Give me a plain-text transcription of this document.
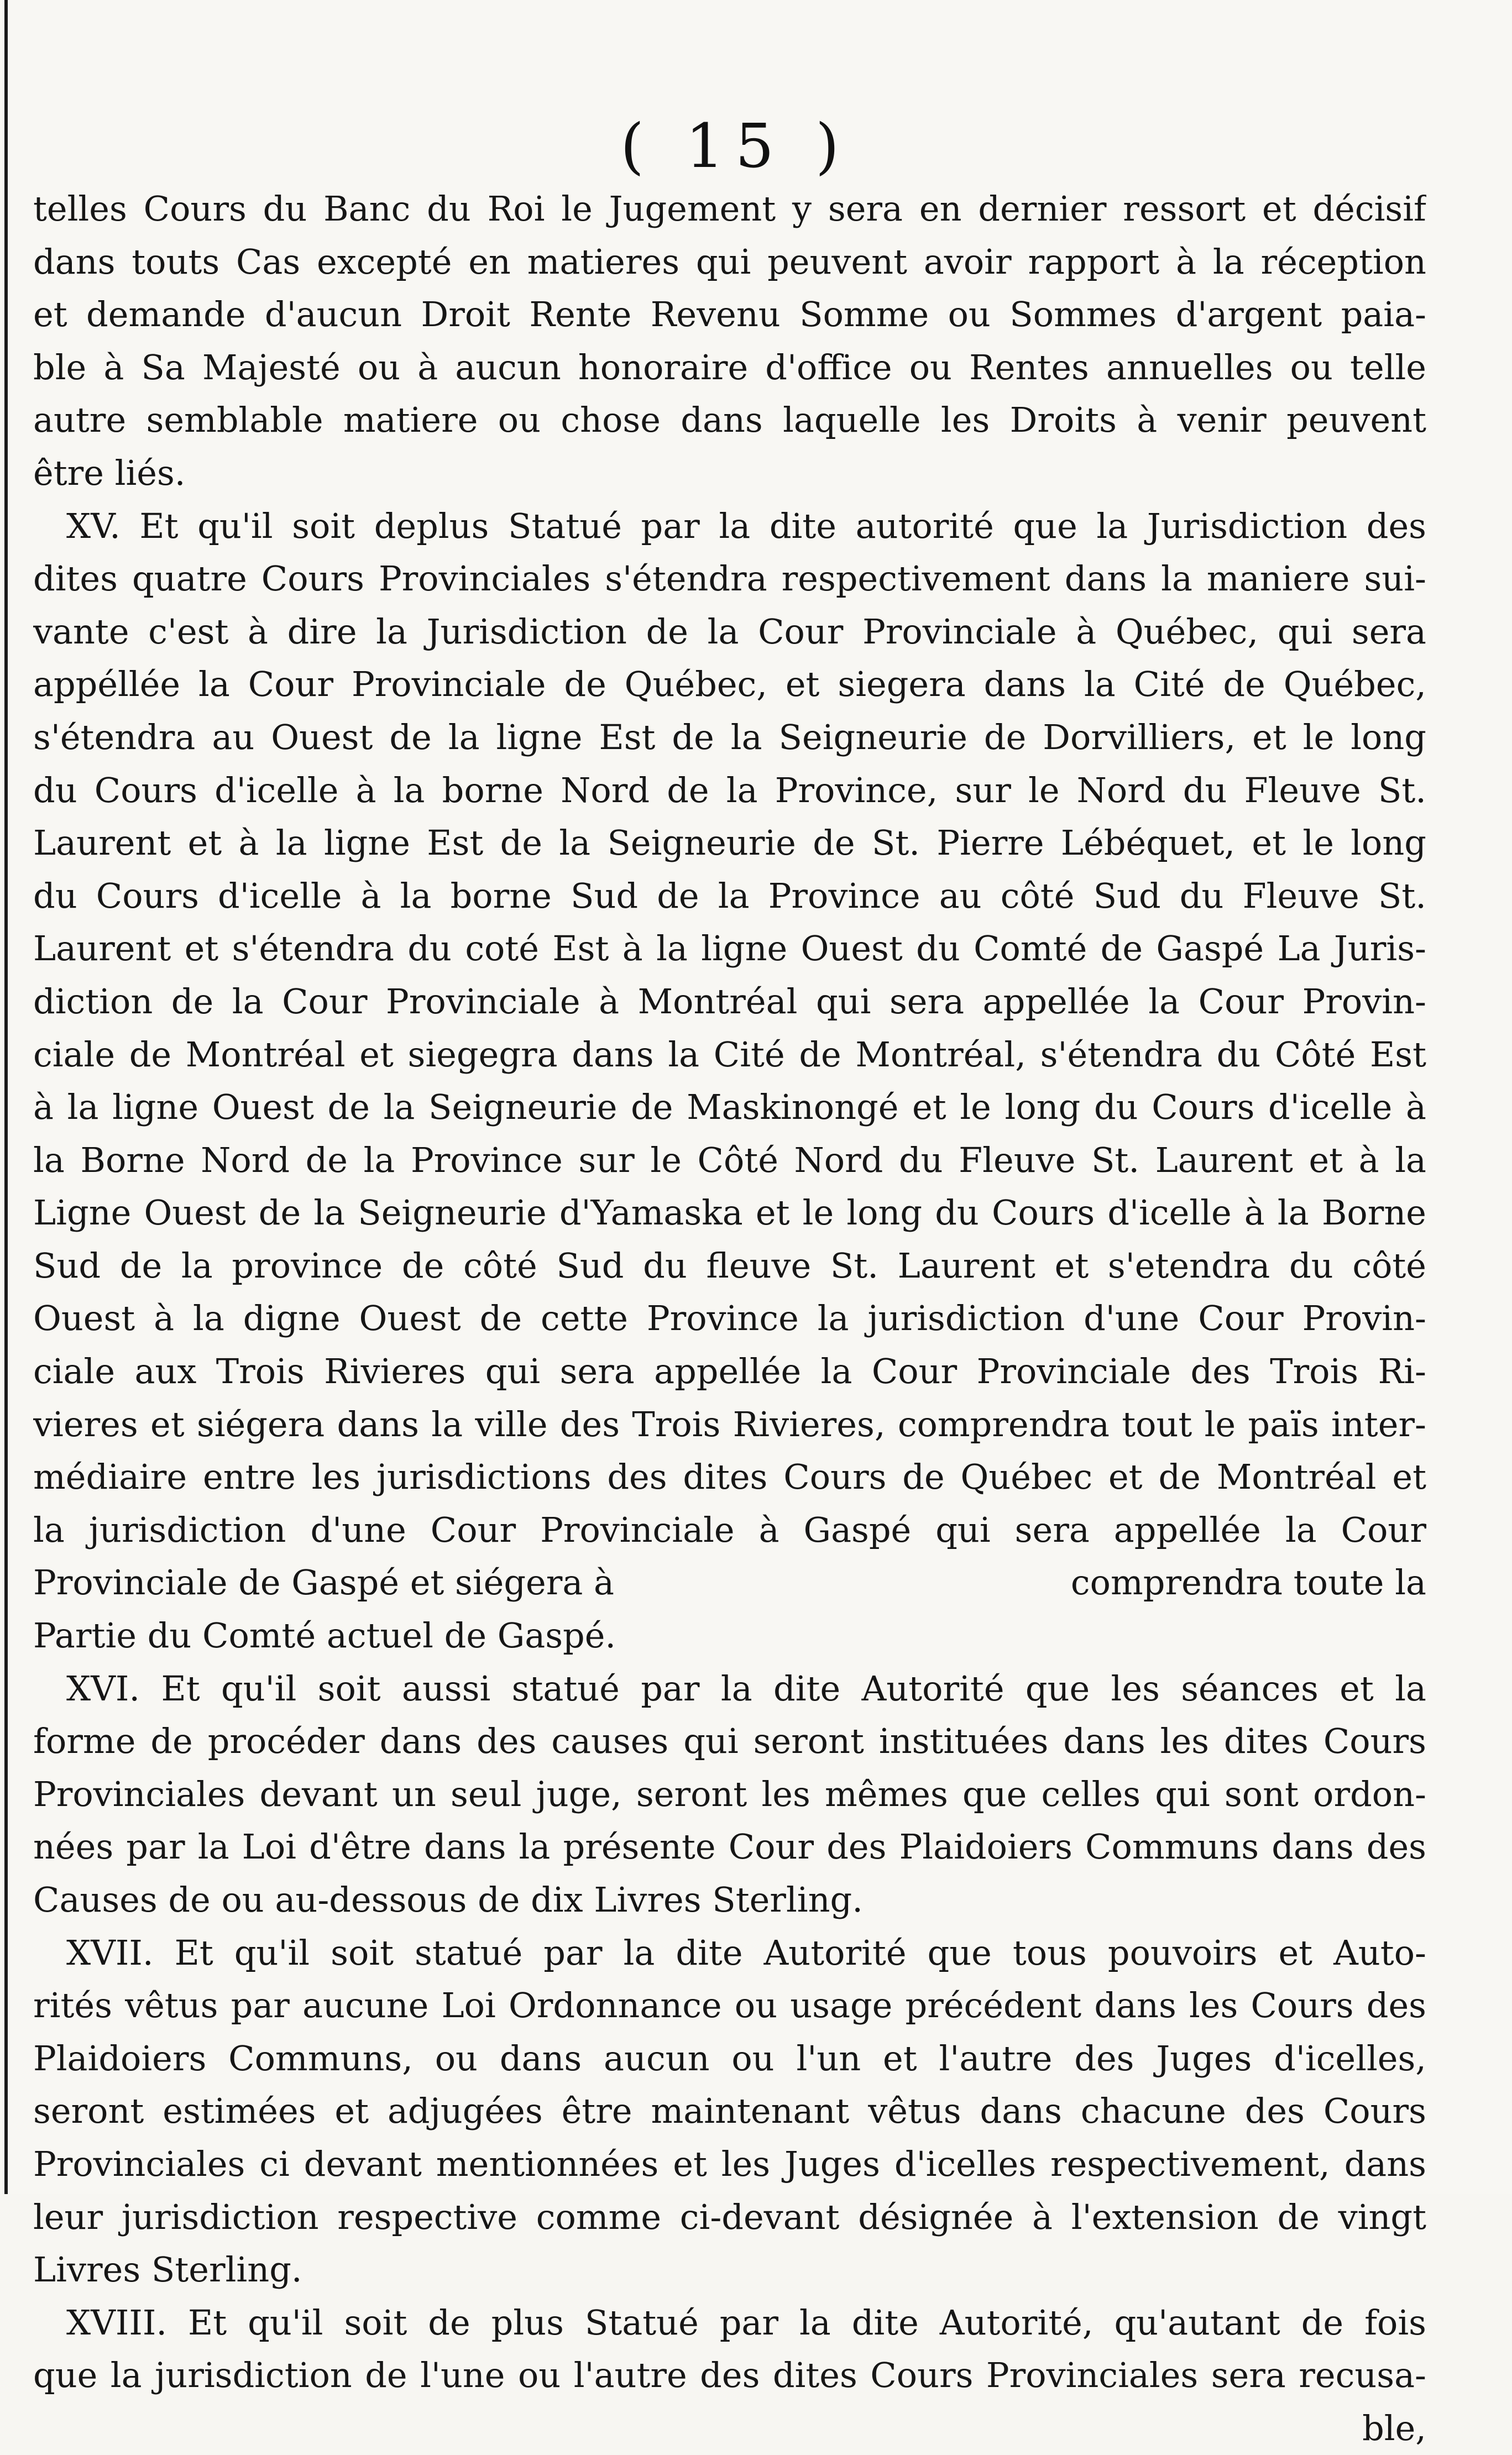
( 15 )
telles Cours du Banc du Roi le Jugement y sera en dernier ressort et décisif
dans touts Cas excepté en matieres qui peuvent avoir rapport à la réception
et demande d'aucun Droit Rente Revenu Somme ou Sommes d'argent paia-
ble à Sa Majesté ou à aucun honoraire d'office ou Rentes annuelles ou telle
autre semblable matiere ou chose dans laquelle les Droits à venir peuvent
être liés.
XV. Et qu'il soit deplus Statué par la dite autorité que la Jurisdiction des
dites quatre Cours Provinciales s'étendra respectivement dans la maniere sui-
vante c'est à dire la Jurisdiction de la Cour Provinciale à Québec, qui sera
appéllée la Cour Provinciale de Québec, et siegera dans la Cité de Québec,
s'étendra au Ouest de la ligne Est de la Seigneurie de Dorvilliers, et le long
du Cours d'icelle à la borne Nord de la Province, sur le Nord du Fleuve St.
Laurent et à la ligne Est de la Seigneurie de St. Pierre Lébéquet, et le long
du Cours d'icelle à la borne Sud de la Province au côté Sud du Fleuve St.
Laurent et s'étendra du coté Est à la ligne Ouest du Comté de Gaspé La Juris-
diction de la Cour Provinciale à Montréal qui sera appellée la Cour Provin-
ciale de Montréal et siegegra dans la Cité de Montréal, s'étendra du Côté Est
à la ligne Ouest de la Seigneurie de Maskinongé et le long du Cours d'icelle à
la Borne Nord de la Province sur le Côté Nord du Fleuve St. Laurent et à la
Ligne Ouest de la Seigneurie d'Yamaska et le long du Cours d'icelle à la Borne
Sud de la province de côté Sud du fleuve St. Laurent et s'etendra du côté
Ouest à la digne Ouest de cette Province la jurisdiction d'une Cour Provin-
ciale aux Trois Rivieres qui sera appellée la Cour Provinciale des Trois Ri-
vieres et siégera dans la ville des Trois Rivieres, comprendra tout le païs inter-
médiaire entre les jurisdictions des dites Cours de Québec et de Montréal et
la jurisdiction d'une Cour Provinciale à Gaspé qui sera appellée la Cour
Provinciale de Gaspé et siégera à	comprendra toute la
Partie du Comté actuel de Gaspé.
XVI. Et qu'il soit aussi statué par la dite Autorité que les séances et la
forme de procéder dans des causes qui seront instituées dans les dites Cours
Provinciales devant un seul juge, seront les mêmes que celles qui sont ordon-
nées par la Loi d'être dans la présente Cour des Plaidoiers Communs dans des
Causes de ou au-dessous de dix Livres Sterling.
XVII. Et qu'il soit statué par la dite Autorité que tous pouvoirs et Auto-
rités vêtus par aucune Loi Ordonnance ou usage précédent dans les Cours des
Plaidoiers Communs, ou dans aucun ou l'un et l'autre des Juges d'icelles,
seront estimées et adjugées être maintenant vêtus dans chacune des Cours
Provinciales ci devant mentionnées et les Juges d'icelles respectivement, dans
leur jurisdiction respective comme ci-devant désignée à l'extension de vingt
Livres Sterling.
XVIII. Et qu'il soit de plus Statué par la dite Autorité, qu'autant de fois
que la jurisdiction de l'une ou l'autre des dites Cours Provinciales sera recusa-
ble,
